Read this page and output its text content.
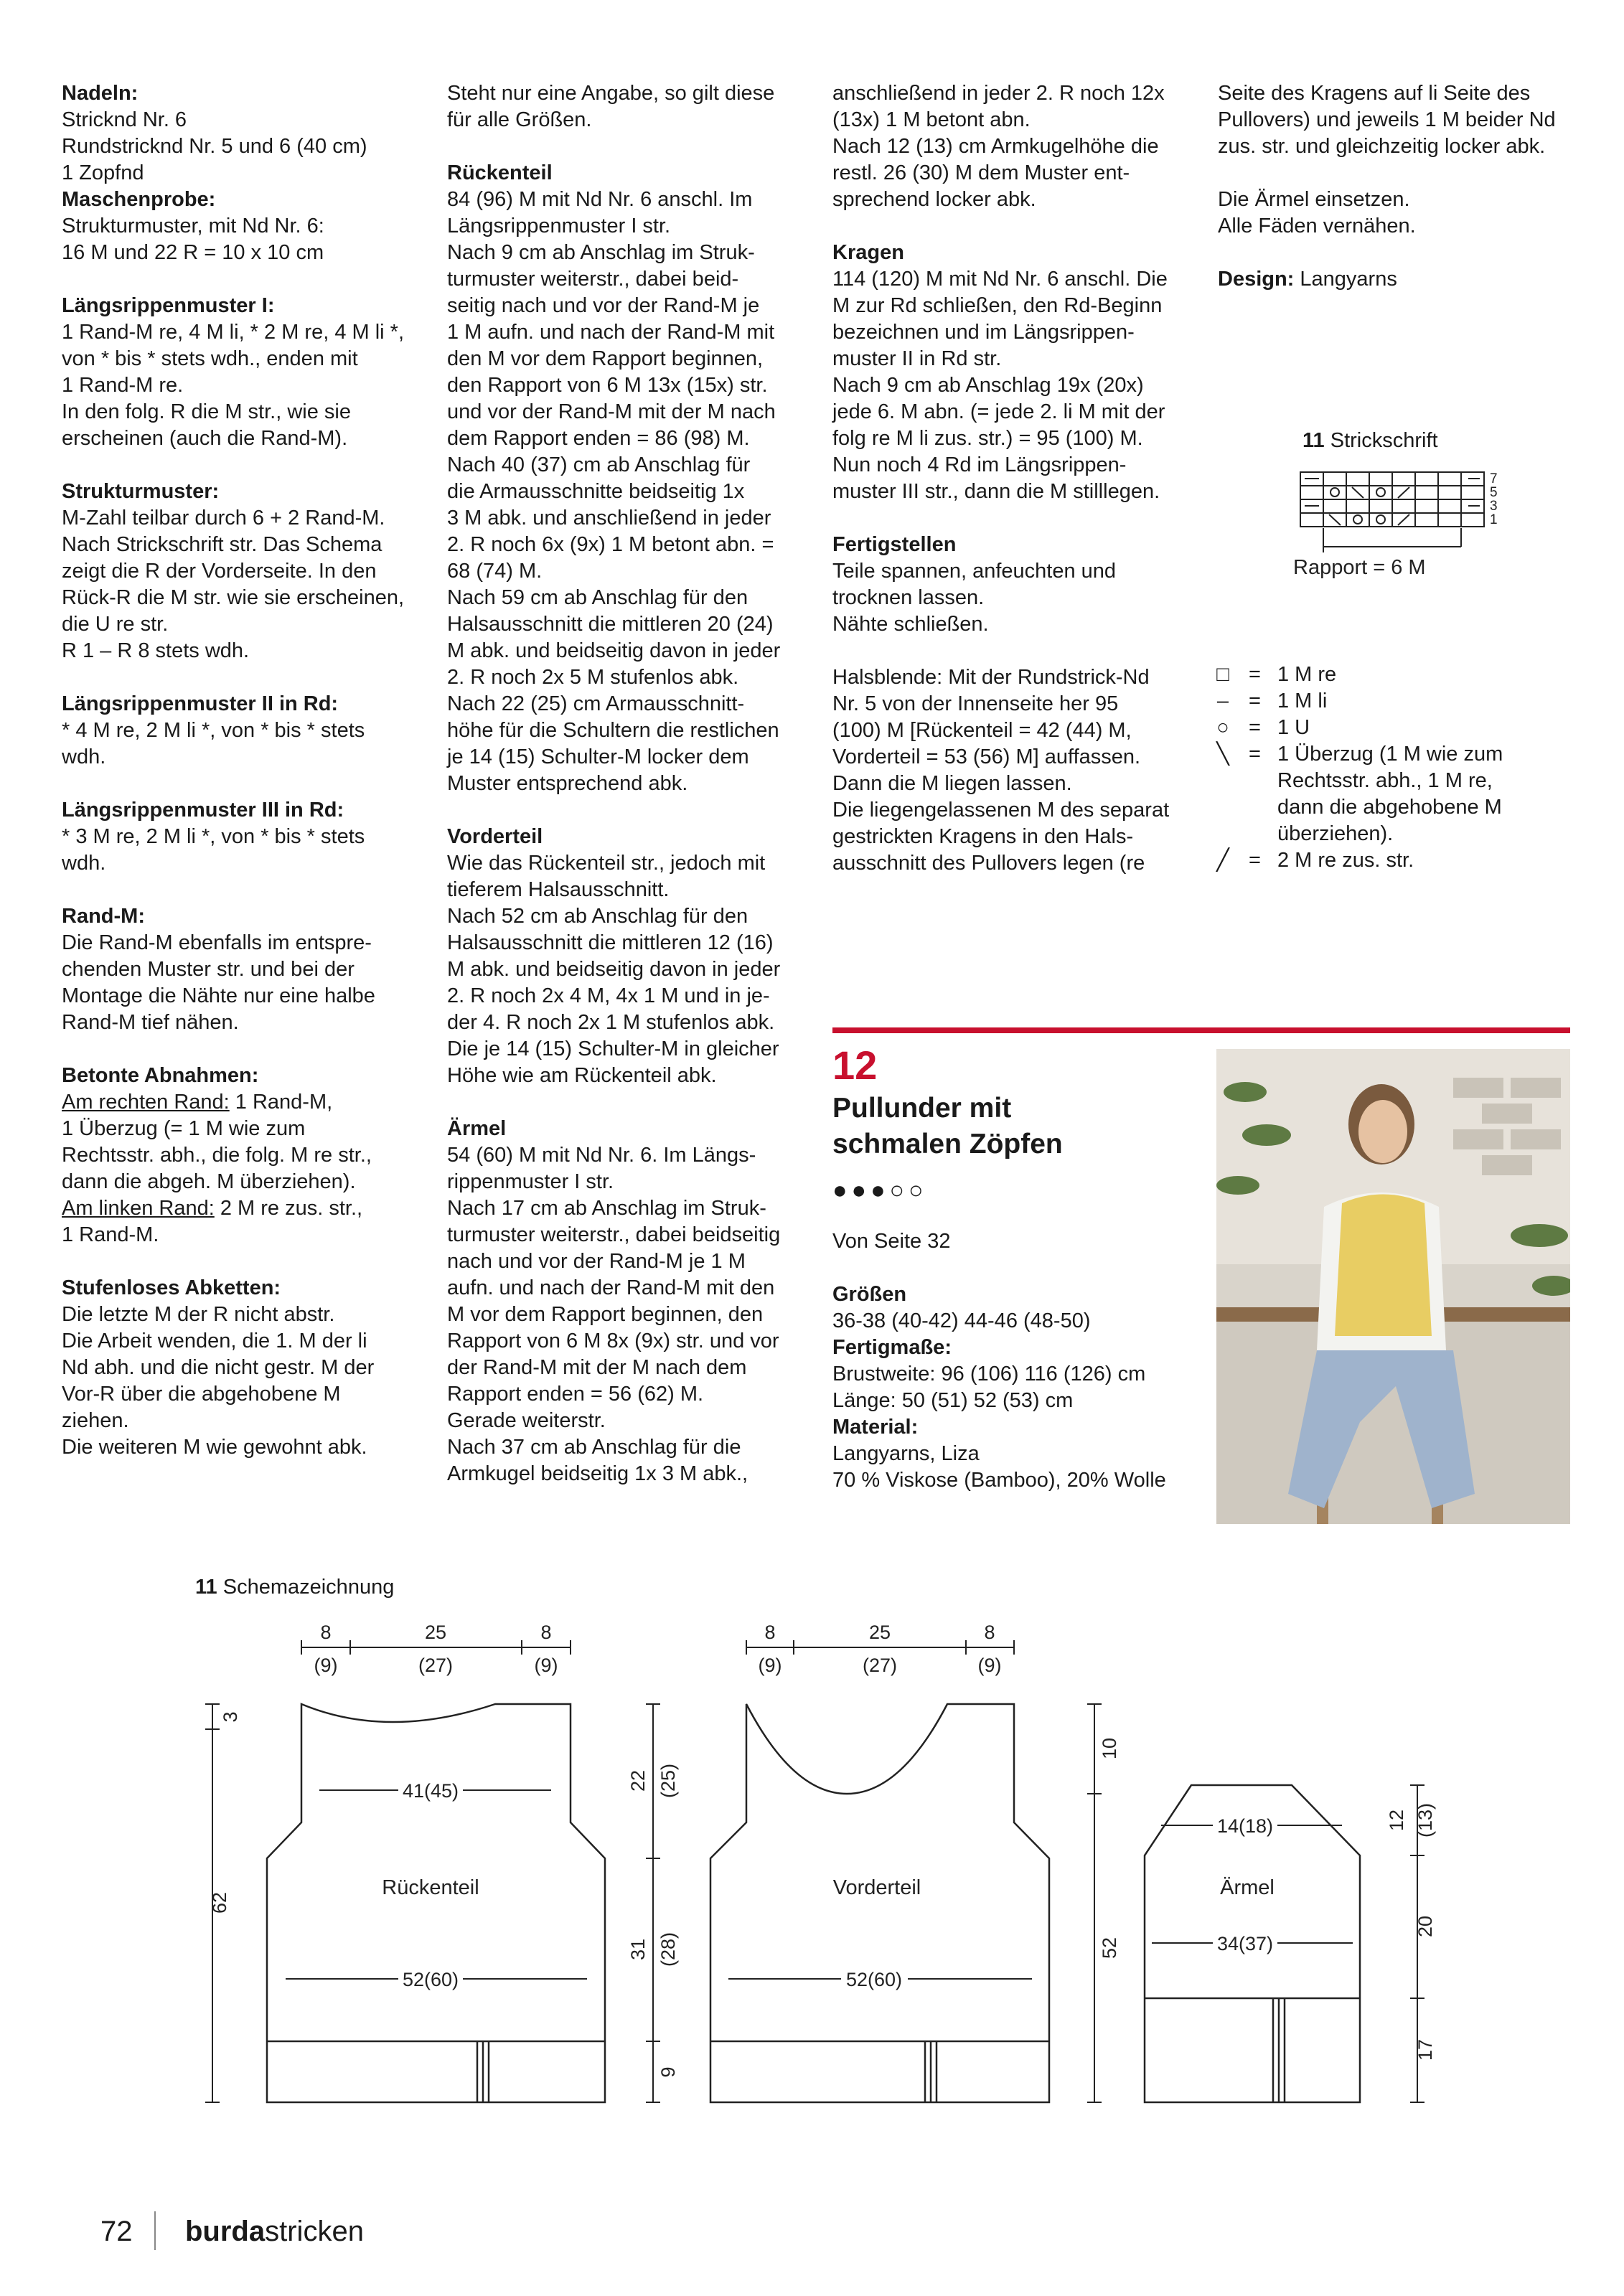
Nadeln:

Stricknd Nr. 6

Rundstricknd Nr. 5 und 6 (40 cm)

1 Zopfnd

Maschenprobe:

Strukturmuster, mit Nd Nr. 6:

16 M und 22 R = 10 x 10 cm

Längsrippenmuster I:

1 Rand-M re, 4 M li, * 2 M re, 4 M li *,

von * bis * stets wdh., enden mit

1 Rand-M re.

In den folg. R die M str., wie sie

erscheinen (auch die Rand-M).

Strukturmuster:

M-Zahl teilbar durch 6 + 2 Rand-M.

Nach Strickschrift str. Das Schema

zeigt die R der Vorderseite. In den

Rück-R die M str. wie sie erscheinen,

die U re str.

R 1 – R 8 stets wdh.

Längsrippenmuster II in Rd:

* 4 M re, 2 M li *, von * bis * stets

wdh.

Längsrippenmuster III in Rd:

* 3 M re, 2 M li *, von * bis * stets

wdh.

Rand-M:

Die Rand-M ebenfalls im entspre-

chenden Muster str. und bei der

Montage die Nähte nur eine halbe

Rand-M tief nähen.

Betonte Abnahmen:

Am rechten Rand: 1 Rand-M,

1 Überzug (= 1 M wie zum

Rechtsstr. abh., die folg. M re str.,

dann die abgeh. M überziehen).

Am linken Rand: 2 M re zus. str.,

1 Rand-M.

Stufenloses Abketten:

Die letzte M der R nicht abstr.

Die Arbeit wenden, die 1. M der li

Nd abh. und die nicht gestr. M der

Vor-R über die abgehobene M

ziehen.

Die weiteren M wie gewohnt abk.

Steht nur eine Angabe, so gilt diese

für alle Größen.

Rückenteil

84 (96) M mit Nd Nr. 6 anschl. Im

Längsrippenmuster I str.

Nach 9 cm ab Anschlag im Struk-

turmuster weiterstr., dabei beid-

seitig nach und vor der Rand-M je

1 M aufn. und nach der Rand-M mit

den M vor dem Rapport beginnen,

den Rapport von 6 M 13x (15x) str.

und vor der Rand-M mit der M nach

dem Rapport enden = 86 (98) M.

Nach 40 (37) cm ab Anschlag für

die Armausschnitte beidseitig 1x

3 M abk. und anschließend in jeder

2. R noch 6x (9x) 1 M betont abn. =

68 (74) M.

Nach 59 cm ab Anschlag für den

Halsausschnitt die mittleren 20 (24)

M abk. und beidseitig davon in jeder

2. R noch 2x 5 M stufenlos abk.

Nach 22 (25) cm Armausschnitt-

höhe für die Schultern die restlichen

je 14 (15) Schulter-M locker dem

Muster entsprechend abk.

Vorderteil

Wie das Rückenteil str., jedoch mit

tieferem Halsausschnitt.

Nach 52 cm ab Anschlag für den

Halsausschnitt die mittleren 12 (16)

M abk. und beidseitig davon in jeder

2. R noch 2x 4 M, 4x 1 M und in je-

der 4. R noch 2x 1 M stufenlos abk.

Die je 14 (15) Schulter-M in gleicher

Höhe wie am Rückenteil abk.

Ärmel

54 (60) M mit Nd Nr. 6. Im Längs-

rippenmuster I str.

Nach 17 cm ab Anschlag im Struk-

turmuster weiterstr., dabei beidseitig

nach und vor der Rand-M je 1 M

aufn. und nach der Rand-M mit den

M vor dem Rapport beginnen, den

Rapport von 6 M 8x (9x) str. und vor

der Rand-M mit der M nach dem

Rapport enden = 56 (62) M.

Gerade weiterstr.

Nach 37 cm ab Anschlag für die

Armkugel beidseitig 1x 3 M abk.,

anschließend in jeder 2. R noch 12x

(13x) 1 M betont abn.

Nach 12 (13) cm Armkugelhöhe die

restl. 26 (30) M dem Muster ent-

sprechend locker abk.

Kragen

114 (120) M mit Nd Nr. 6 anschl. Die

M zur Rd schließen, den Rd-Beginn

bezeichnen und im Längsrippen-

muster II in Rd str.

Nach 9 cm ab Anschlag 19x (20x)

jede 6. M abn. (= jede 2. li M mit der

folg re M li zus. str.) = 95 (100) M.

Nun noch 4 Rd im Längsrippen-

muster III str., dann die M stilllegen.

Fertigstellen

Teile spannen, anfeuchten und

trocknen lassen.

Nähte schließen.

Halsblende: Mit der Rundstrick-Nd

Nr. 5 von der Innenseite her 95

(100) M [Rückenteil = 42 (44) M,

Vorderteil = 53 (56) M] auffassen.

Dann die M liegen lassen.

Die liegengelassenen M des separat

gestrickten Kragens in den Hals-

ausschnitt des Pullovers legen (re

Seite des Kragens auf li Seite des

Pullovers) und jeweils 1 M beider Nd

zus. str. und gleichzeitig locker abk.

Die Ärmel einsetzen.

Alle Fäden vernähen.

Design: Langyarns

11 Strickschrift
7
5
3
1
Rapport = 6 M
□ = 1 M re
– = 1 M li
○ = 1 U
╲ = 1 Überzug (1 M wie zum
Rechtsstr. abh., 1 M re,
dann die abgehobene M
überziehen).
╱ = 2 M re zus. str.
12
Pullunder mit
schmalen Zöpfen
●●●○○

Von Seite 32

Größen

36-38 (40-42) 44-46 (48-50)

Fertigmaße:

Brustweite: 96 (106) 116 (126) cm

Länge: 50 (51) 52 (53) cm

Material:

Langyarns, Liza

70 % Viskose (Bamboo), 20% Wolle

11 Schemazeichnung
8	25	8
(9)	(27)	(9)
3
62
41(45)
Rückenteil
52(60)
22 (25)
31 (28)
9
8	25	8
(9)	(27)	(9)
Vorderteil
52(60)
10
52
14(18)
Ärmel
34(37)
12 (13)
20
17
72 burdastricken
